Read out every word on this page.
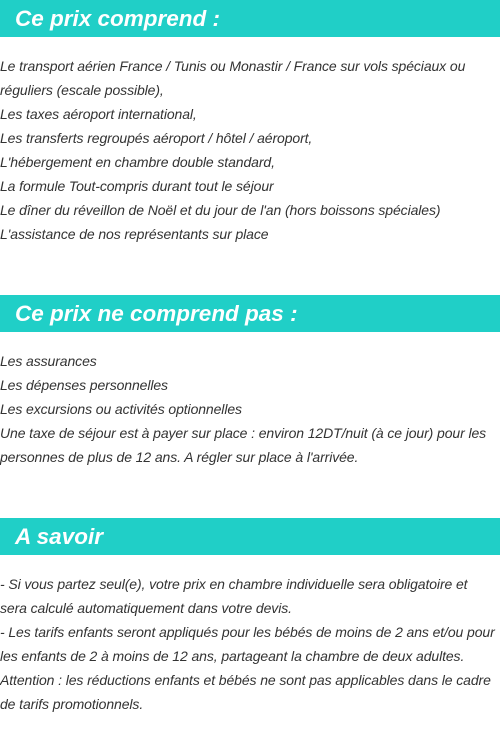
Ce prix comprend :
Le transport aérien France / Tunis ou Monastir / France sur vols spéciaux ou
réguliers (escale possible),
Les taxes aéroport international,
Les transferts regroupés aéroport / hôtel / aéroport,
L'hébergement en chambre double standard,
La formule Tout-compris durant tout le séjour
Le dîner du réveillon de Noël et du jour de l'an (hors boissons spéciales)
L'assistance de nos représentants sur place
Ce prix ne comprend pas :
Les assurances
Les dépenses personnelles
Les excursions ou activités optionnelles
Une taxe de séjour est à payer sur place : environ 12DT/nuit (à ce jour) pour les
personnes de plus de 12 ans. A régler sur place à l'arrivée.
A savoir
- Si vous partez seul(e), votre prix en chambre individuelle sera obligatoire et
sera calculé automatiquement dans votre devis.
- Les tarifs enfants seront appliqués pour les bébés de moins de 2 ans et/ou pour
les enfants de 2 à moins de 12 ans, partageant la chambre de deux adultes.
Attention : les réductions enfants et bébés ne sont pas applicables dans le cadre
de tarifs promotionnels.
